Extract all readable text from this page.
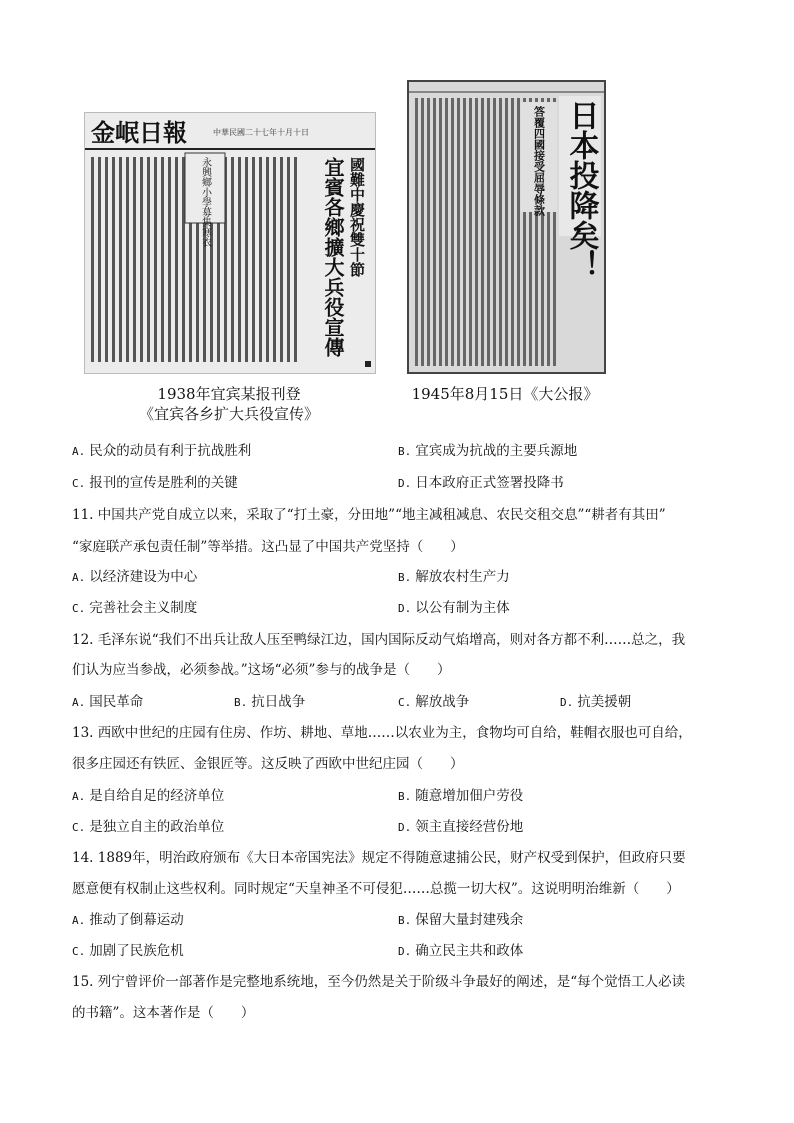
金岷日報	中華民國二十七年十月十日
永興鄉小學募集寒衣	國難中慶祝雙十節
宜賓各鄉擴大兵役宣傳
1938年宜宾某报刊登
《宜宾各乡扩大兵役宣传》
日本投降矣！
答覆四國接受屈辱條款
1945年8月15日《大公报》
A. 民众的动员有利于抗战胜利	B. 宜宾成为抗战的主要兵源地
C. 报刊的宣传是胜利的关键	D. 日本政府正式签署投降书
11. 中国共产党自成立以来，采取了“打土豪，分田地”“地主减租减息、农民交租交息”“耕者有其田”
“家庭联产承包责任制”等举措。这凸显了中国共产党坚持（　　）
A. 以经济建设为中心	B. 解放农村生产力
C. 完善社会主义制度	D. 以公有制为主体
12. 毛泽东说“我们不出兵让敌人压至鸭绿江边，国内国际反动气焰增高，则对各方都不利……总之，我
们认为应当参战，必须参战。”这场“必须”参与的战争是（　　）
A. 国民革命	B. 抗日战争	C. 解放战争	D. 抗美援朝
13. 西欧中世纪的庄园有住房、作坊、耕地、草地……以农业为主，食物均可自给，鞋帽衣服也可自给，
很多庄园还有铁匠、金银匠等。这反映了西欧中世纪庄园（　　）
A. 是自给自足的经济单位	B. 随意增加佃户劳役
C. 是独立自主的政治单位	D. 领主直接经营份地
14. 1889年，明治政府颁布《大日本帝国宪法》规定不得随意逮捕公民，财产权受到保护，但政府只要
愿意便有权制止这些权利。同时规定“天皇神圣不可侵犯……总揽一切大权”。这说明明治维新（　　）
A. 推动了倒幕运动	B. 保留大量封建残余
C. 加剧了民族危机	D. 确立民主共和政体
15. 列宁曾评价一部著作是完整地系统地，至今仍然是关于阶级斗争最好的阐述，是“每个觉悟工人必读
的书籍”。这本著作是（　　）
